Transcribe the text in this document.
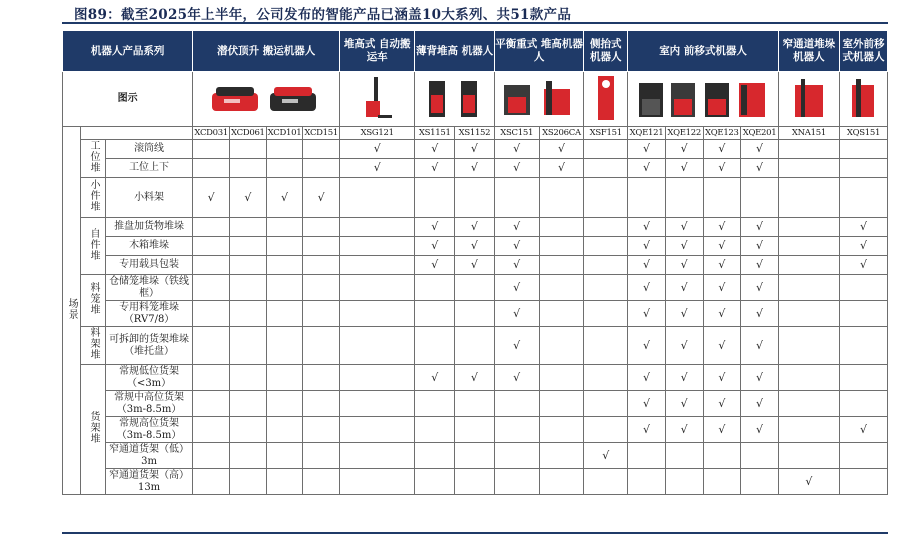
图89：截至2025年上半年，公司发布的智能产品已涵盖10大系列、共51款产品
机器人产品系列			潜伏顶升 搬运机器人				堆高式 自动搬运车	薄背堆高 机器人		平衡重式 堆高机器人		侧抬式 机器人	室内 前移式机器人				窄通道堆垛 机器人	室外前移 式机器人
图示								
场景			XCD031	XCD061	XCD101	XCD151	XSG121	XS1151	XS1152	XSC151	XS206CA	XSF151	XQE121	XQE122	XQE123	XQE201	XNA151	XQS151
	工位堆	滚筒线					√	√	√	√	√		√	√	√	√		
		工位上下					√	√	√	√	√		√	√	√	√		
	小件堆	小料架	√	√	√	√												
	自件堆	推盘加货物堆垛						√	√	√			√	√	√	√		√
		木箱堆垛						√	√	√			√	√	√	√		√
		专用载具包装						√	√	√			√	√	√	√		√
	料笼堆	仓储笼堆垛（铁线框）								√			√	√	√	√		
		专用料笼堆垛（RV7/8）								√			√	√	√	√		
	料架堆	可拆卸的货架堆垛（堆托盘）								√			√	√	√	√		
	货架堆	常规低位货架（<3m）						√	√	√			√	√	√	√		
		常规中高位货架（3m-8.5m）											√	√	√	√		
		常规高位货架（3m-8.5m）											√	√	√	√		√
		窄通道货架（低）3m										√						
		窄通道货架（高）13m															√	
